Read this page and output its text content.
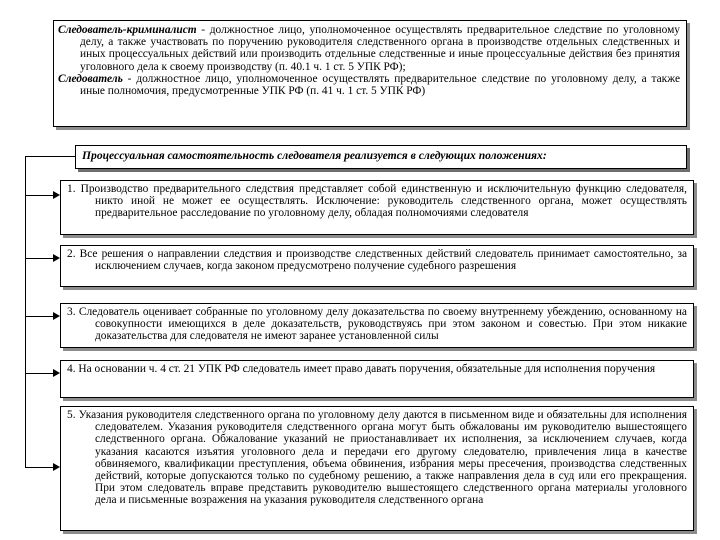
Следователь-криминалист - должностное лицо, уполномоченное осуществлять предварительное следствие по уголовному делу, а также участвовать по поручению руководителя следственного органа в производстве отдельных следственных и иных процессуальных действий или производить отдельные следственные и иные процессуальные действия без принятия уголовного дела к своему производству (п. 40.1 ч. 1 ст. 5 УПК РФ);

Следователь - должностное лицо, уполномоченное осуществлять предварительное следствие по уголовному делу, а также иные полномочия, предусмотренные УПК РФ (п. 41 ч. 1 ст. 5 УПК РФ)

Процессуальная самостоятельность следователя реализуется в следующих положениях:

1. Производство предварительного следствия представляет собой единственную и исключительную функцию следователя, никто иной не может ее осуществлять. Исключение: руководитель следственного органа, может осуществлять предварительное расследование по уголовному делу, обладая полномочиями следователя

2. Все решения о направлении следствия и производстве следственных действий следователь принимает самостоятельно, за исключением случаев, когда законом предусмотрено получение судебного разрешения

3. Следователь оценивает собранные по уголовному делу доказательства по своему внутреннему убеждению, основанному на совокупности имеющихся в деле доказательств, руководствуясь при этом законом и совестью. При этом никакие доказательства для следователя не имеют заранее установленной силы

4. На основании ч. 4 ст. 21 УПК РФ следователь имеет право давать поручения, обязательные для исполнения поручения

5. Указания руководителя следственного органа по уголовному делу даются в письменном виде и обязательны для исполнения следователем. Указания руководителя следственного органа могут быть обжалованы им руководителю вышестоящего следственного органа. Обжалование указаний не приостанавливает их исполнения, за исключением случаев, когда указания касаются изъятия уголовного дела и передачи его другому следователю, привлечения лица в качестве обвиняемого, квалификации преступления, объема обвинения, избрания меры пресечения, производства следственных действий, которые допускаются только по судебному решению, а также направления дела в суд или его прекращения. При этом следователь вправе представить руководителю вышестоящего следственного органа материалы уголовного дела и письменные возражения на указания руководителя следственного органа
